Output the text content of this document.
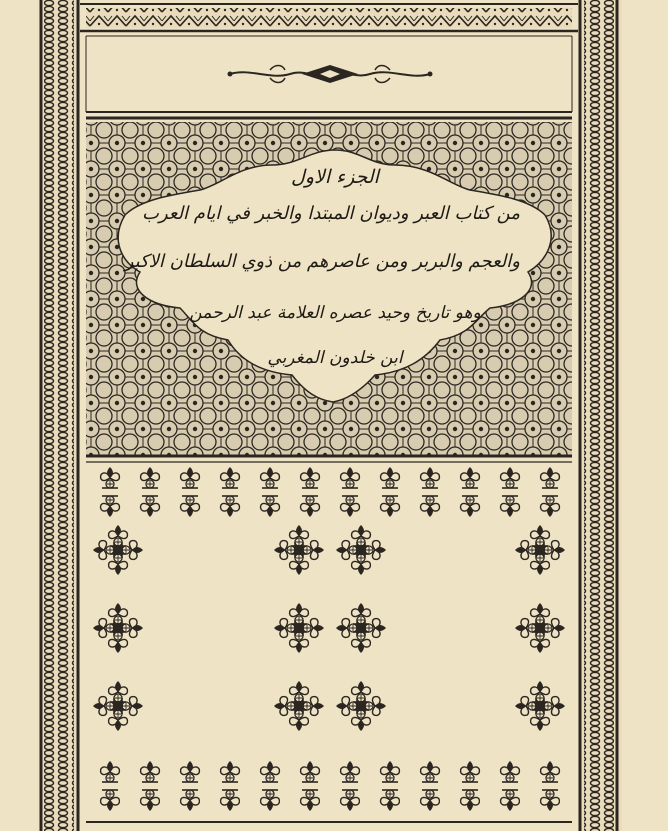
الجزء الاول
من كتاب العبر وديوان المبتدا والخبر في ايام العرب
والعجم والبربر ومن عاصرهم من ذوي السلطان الاكبر
وهو تاريخ وحيد عصره العلامة عبد الرحمن
ابن خلدون المغربي
